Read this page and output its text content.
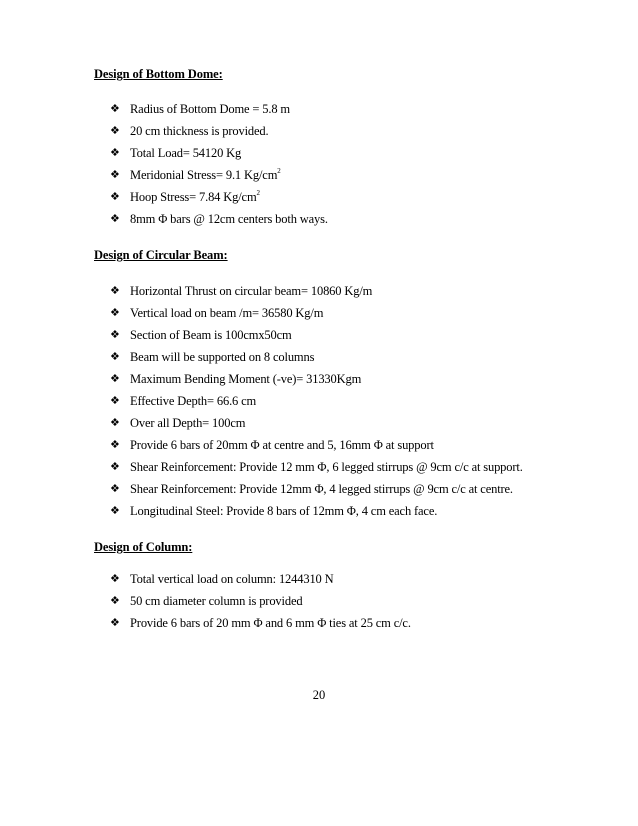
Design of Bottom Dome:
❖ Radius of Bottom Dome = 5.8 m
❖ 20 cm thickness is provided.
❖ Total Load= 54120 Kg
❖ Meridonial Stress= 9.1 $Kg/cm^2$
❖ Hoop Stress= 7.84 $Kg/cm^2$
❖ 8mm Φ bars @ 12cm centers both ways.
Design of Circular Beam:
❖ Horizontal Thrust on circular beam= 10860 Kg/m
❖ Vertical load on beam /m= 36580 Kg/m
❖ Section of Beam is 100cmx50cm
❖ Beam will be supported on 8 columns
❖ Maximum Bending Moment (-ve)= 31330Kgm
❖ Effective Depth= 66.6 cm
❖ Over all Depth= 100cm
❖ Provide 6 bars of 20mm Φ at centre and 5, 16mm Φ at support
❖ Shear Reinforcement: Provide 12 mm Φ, 6 legged stirrups @ 9cm c/c at support.
❖ Shear Reinforcement: Provide 12mm Φ, 4 legged stirrups @ 9cm c/c at centre.
❖ Longitudinal Steel: Provide 8 bars of 12mm Φ, 4 cm each face.
Design of Column:
❖ Total vertical load on column: 1244310 N
❖ 50 cm diameter column is provided
❖ Provide 6 bars of 20 mm Φ and 6 mm Φ ties at 25 cm c/c.
20
